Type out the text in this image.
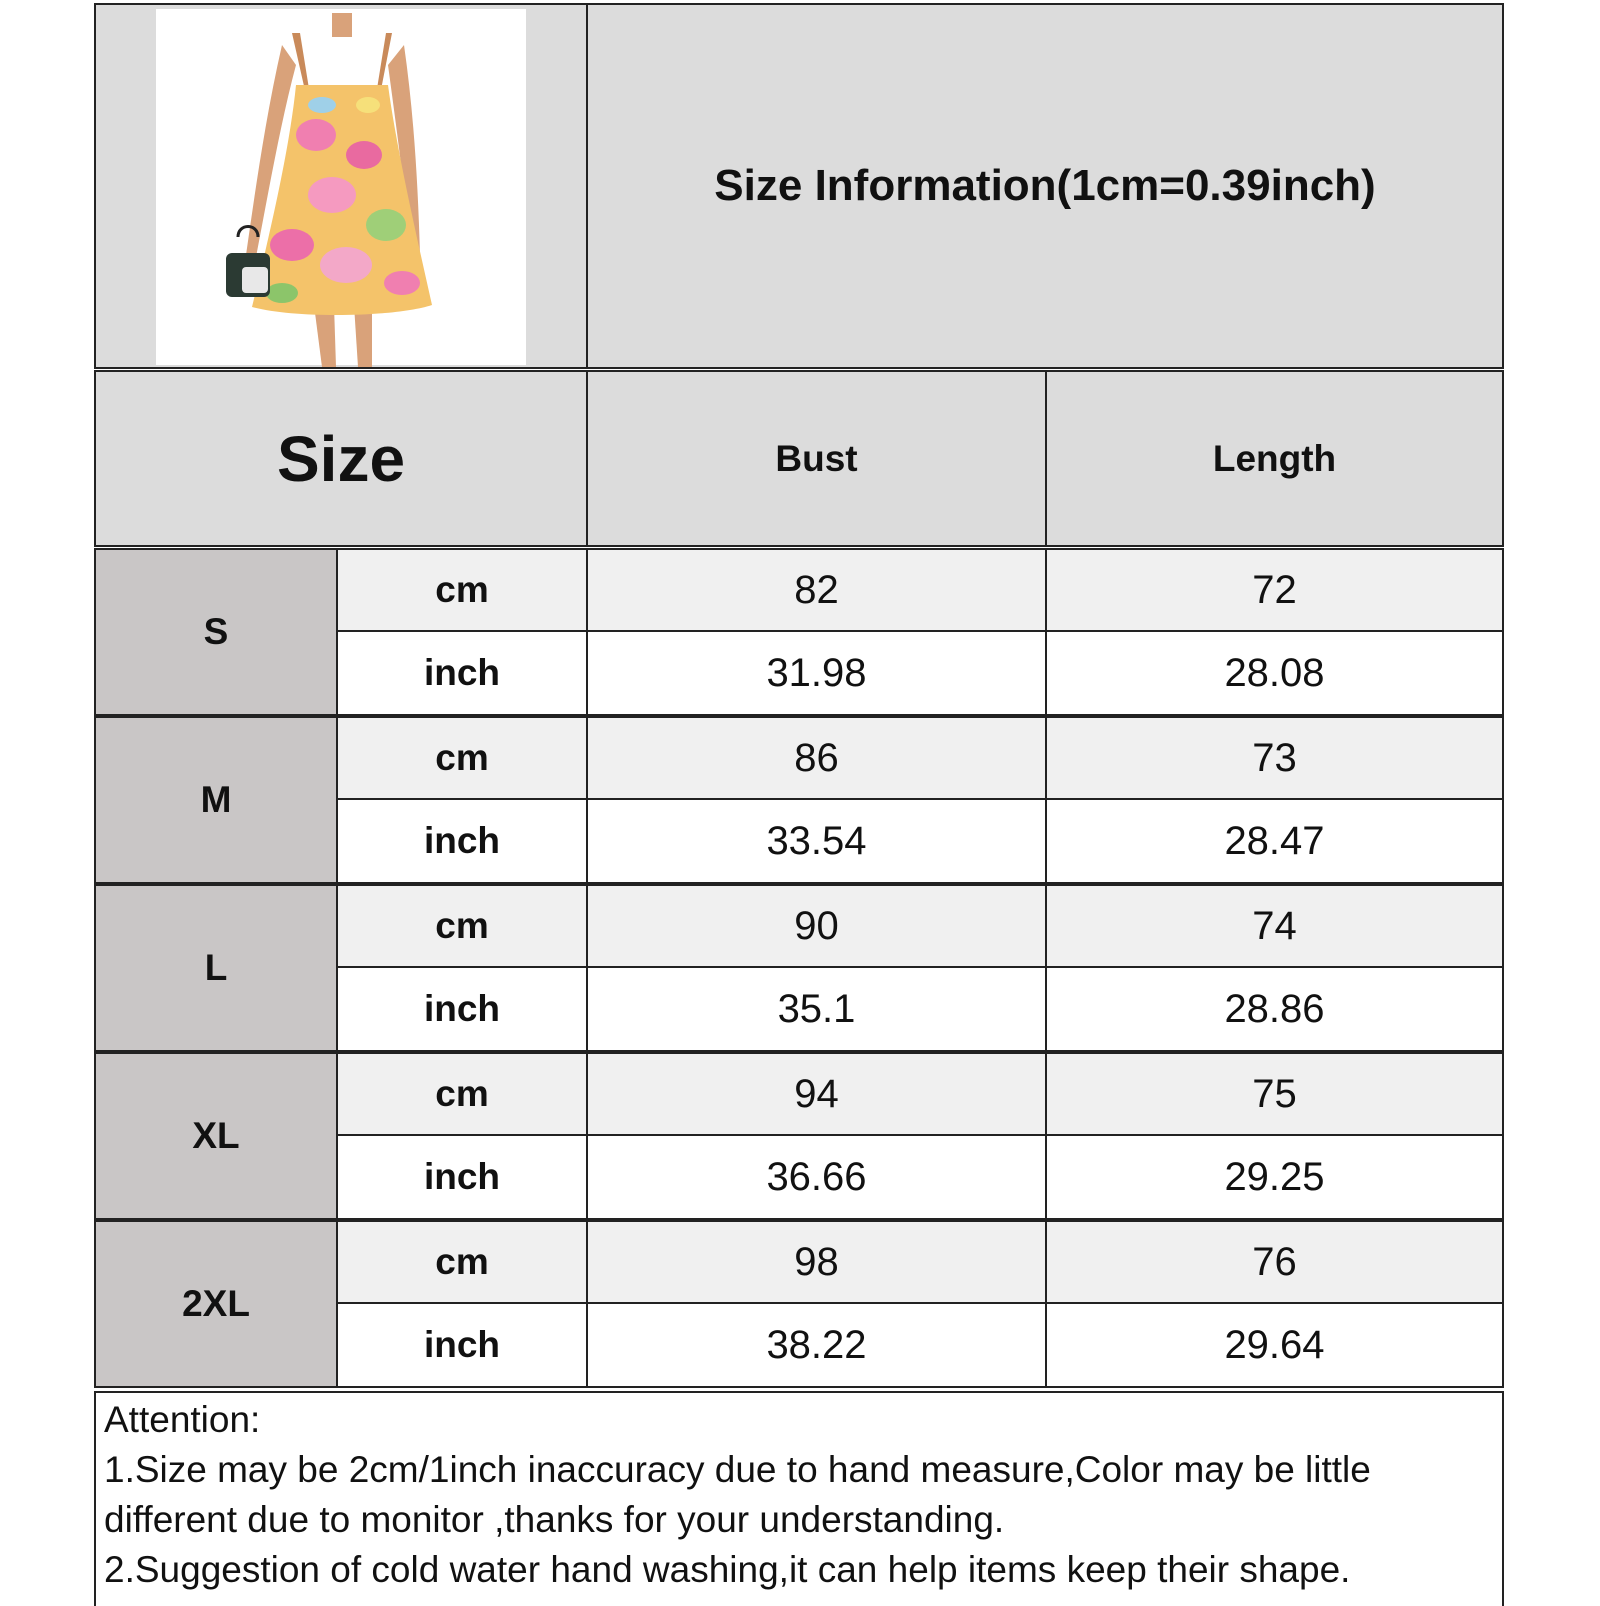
Size Information(1cm=0.39inch)
Size	Bust	Length
S
cm
inch
82
31.98
72
28.08
M
cm
inch
86
33.54
73
28.47
L
cm
inch
90
35.1
74
28.86
XL
cm
inch
94
36.66
75
29.25
2XL
cm
inch
98
38.22
76
29.64
Attention:
1.Size may be 2cm/1inch inaccuracy due to hand measure,Color may be little
different due to monitor ,thanks for your understanding.
2.Suggestion of cold water hand washing,it can help items keep their shape.
